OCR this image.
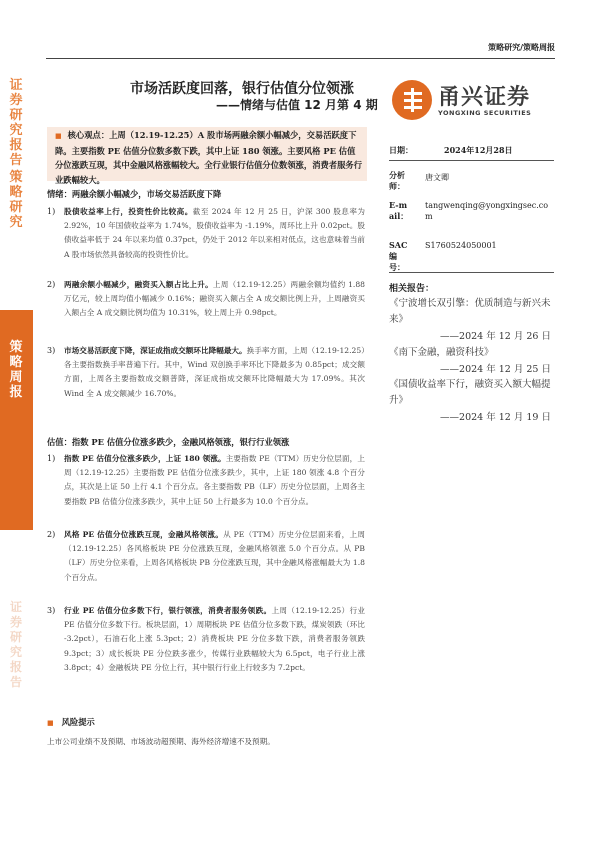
证券研究报告
策略研究
策略周报
证券研究报告
策略研究/策略周报
市场活跃度回落，银行估值分位领涨
——情绪与估值 12 月第 4 期	甬兴证券
YONGXING SECURITIES
■ 核心观点：上周（12.19-12.25）A 股市场两融余额小幅减少，交易活跃度下降。主要指数 PE 估值分位数多数下跌，其中上证 180 领涨。主要风格 PE 估值分位涨跌互现，其中金融风格涨幅较大。全行业银行估值分位数领涨，消费者服务行业跌幅较大。
情绪：两融余额小幅减少，市场交易活跃度下降
1) 股债收益率上行，投资性价比较高。截至 2024 年 12 月 25 日，沪深 300 股息率为 2.92%，10 年国债收益率为 1.74%，股债收益率为 -1.19%，周环比上升 0.02pct。股债收益率低于 24 年以来均值 0.37pct，仍处于 2012 年以来相对低点，这也意味着当前 A 股市场依然具备较高的投资性价比。
2) 两融余额小幅减少，融资买入额占比上升。上周（12.19-12.25）两融余额均值约 1.88 万亿元，较上周均值小幅减少 0.16%；融资买入额占全 A 成交额比例上升，上周融资买入额占全 A 成交额比例均值为 10.31%，较上周上升 0.98pct。
3) 市场交易活跃度下降，深证成指成交额环比降幅最大。换手率方面，上周（12.19-12.25）各主要指数换手率普遍下行。其中，Wind 双创换手率环比下降最多为 0.85pct；成交额方面，上周各主要指数成交额普降，深证成指成交额环比降幅最大为 17.09%。其次 Wind 全 A 成交额减少 16.70%。
估值：指数 PE 估值分位涨多跌少，金融风格领涨，银行行业领涨
1) 指数 PE 估值分位涨多跌少，上证 180 领涨。主要指数 PE（TTM）历史分位层面，上周（12.19-12.25）主要指数 PE 估值分位涨多跌少，其中，上证 180 领涨 4.8 个百分点，其次是上证 50 上行 4.1 个百分点。各主要指数 PB（LF）历史分位层面，上周各主要指数 PB 估值分位涨多跌少，其中上证 50 上行最多为 10.0 个百分点。
2) 风格 PE 估值分位涨跌互现，金融风格领涨。从 PE（TTM）历史分位层面来看，上周（12.19-12.25）各风格板块 PE 分位涨跌互现，金融风格领涨 5.0 个百分点。从 PB（LF）历史分位来看，上周各风格板块 PB 分位涨跌互现，其中金融风格涨幅最大为 1.8 个百分点。
3) 行业 PE 估值分位多数下行，银行领涨，消费者服务领跌。上周（12.19-12.25）行业 PE 估值分位多数下行。板块层面，1）周期板块 PE 估值分位多数下跌，煤炭领跌（环比 -3.2pct），石油石化上涨 5.3pct；2）消费板块 PE 分位多数下跌，消费者服务领跌 9.3pct；3）成长板块 PE 分位跌多涨少，传媒行业跌幅较大为 6.5pct，电子行业上涨 3.8pct；4）金融板块 PE 分位上行，其中银行行业上行较多为 7.2pct。
■ 风险提示
上市公司业绩不及预期、市场波动超预期、海外经济增速不及预期。
日期：	2024年12月28日
分析师：
唐文卿
E-mail：
tangwenqing@yongxingsec.com
SAC编号：
S1760524050001
相关报告：
《宁波增长双引擎：优质制造与新兴未来》
——2024 年 12 月 26 日
《南下金融，融资科技》
——2024 年 12 月 25 日
《国债收益率下行，融资买入额大幅提升》
——2024 年 12 月 19 日
